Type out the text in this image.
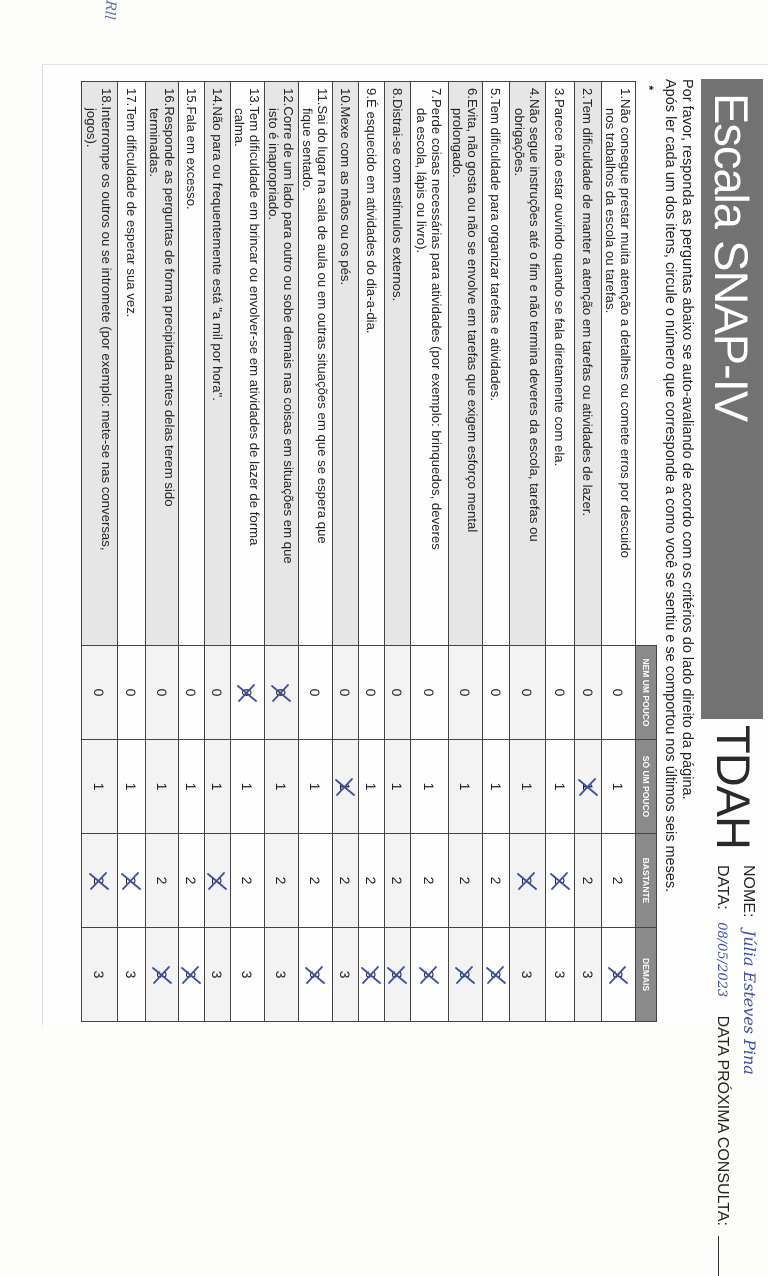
Rll
Escala SNAP-IV
TDAH
NOME: Júlia Esteves Pina
DATA: 08/05/2023 DATA PRÓXIMA CONSULTA:
Por favor, responda as perguntas abaixo se auto-avaliando de acordo com os critérios do lado direito da página.
Após ler cada um dos itens, circule o número que corresponde a como você se sentiu e se comportou nos últimos seis meses.
*	NEM UM POUCO	SÓ UM POUCO	BASTANTE	DEMAIS
1.Não consegue prestar muita atenção a detalhes ou comete erros por descuido
nos trabalhos da escola ou tarefas.	0	1	2	3

2.Tem dificuldade de manter a atenção em tarefas ou atividades de lazer.	0	1	2	3
3.Parece não estar ouvindo quando se fala diretamente com ela.	0	1	2	3
4.Não segue instruções até o fim e não termina deveres da escola, tarefas ou
obrigações.	0	1	2	3
5.Tem dificuldade para organizar tarefas e atividades.	0	1	2	3

6.Evita, não gosta ou não se envolve em tarefas que exigem esforço mental
prolongado.	0	1	2	3

7.Perde coisas necessárias para atividades (por exemplo: brinquedos, deveres
da escola, lápis ou livro).	0	1	2	3

8.Distrai-se com estímulos externos.	0	1	2	3

9.É esquecido em atividades do dia-a-dia.	0	1	2	3

10.Mexe com as mãos ou os pés.	0	1	2	3
11.Sai do lugar na sala de aula ou em outras situações em que se espera que
fique sentado.	0	1	2	3

12.Corre de um lado para outro ou sobe demais nas coisas em situações em que
isto é inapropriado.	0	1	2	3
13.Tem dificuldade em brincar ou envolver-se em atividades de lazer de forma
calma.	0	1	2	3
14.Não para ou frequentemente está "a mil por hora".	0	1	2	3
15.Fala em excesso.	0	1	2	3

16.Responde as perguntas de forma precipitada antes delas terem sido
terminadas.	0	1	2	3

17.Tem dificuldade de esperar sua vez.	0	1	2	3
18.Interrompe os outros ou se intromete (por exemplo: mete-se nas conversas,
jogos).	0	1	2	3
